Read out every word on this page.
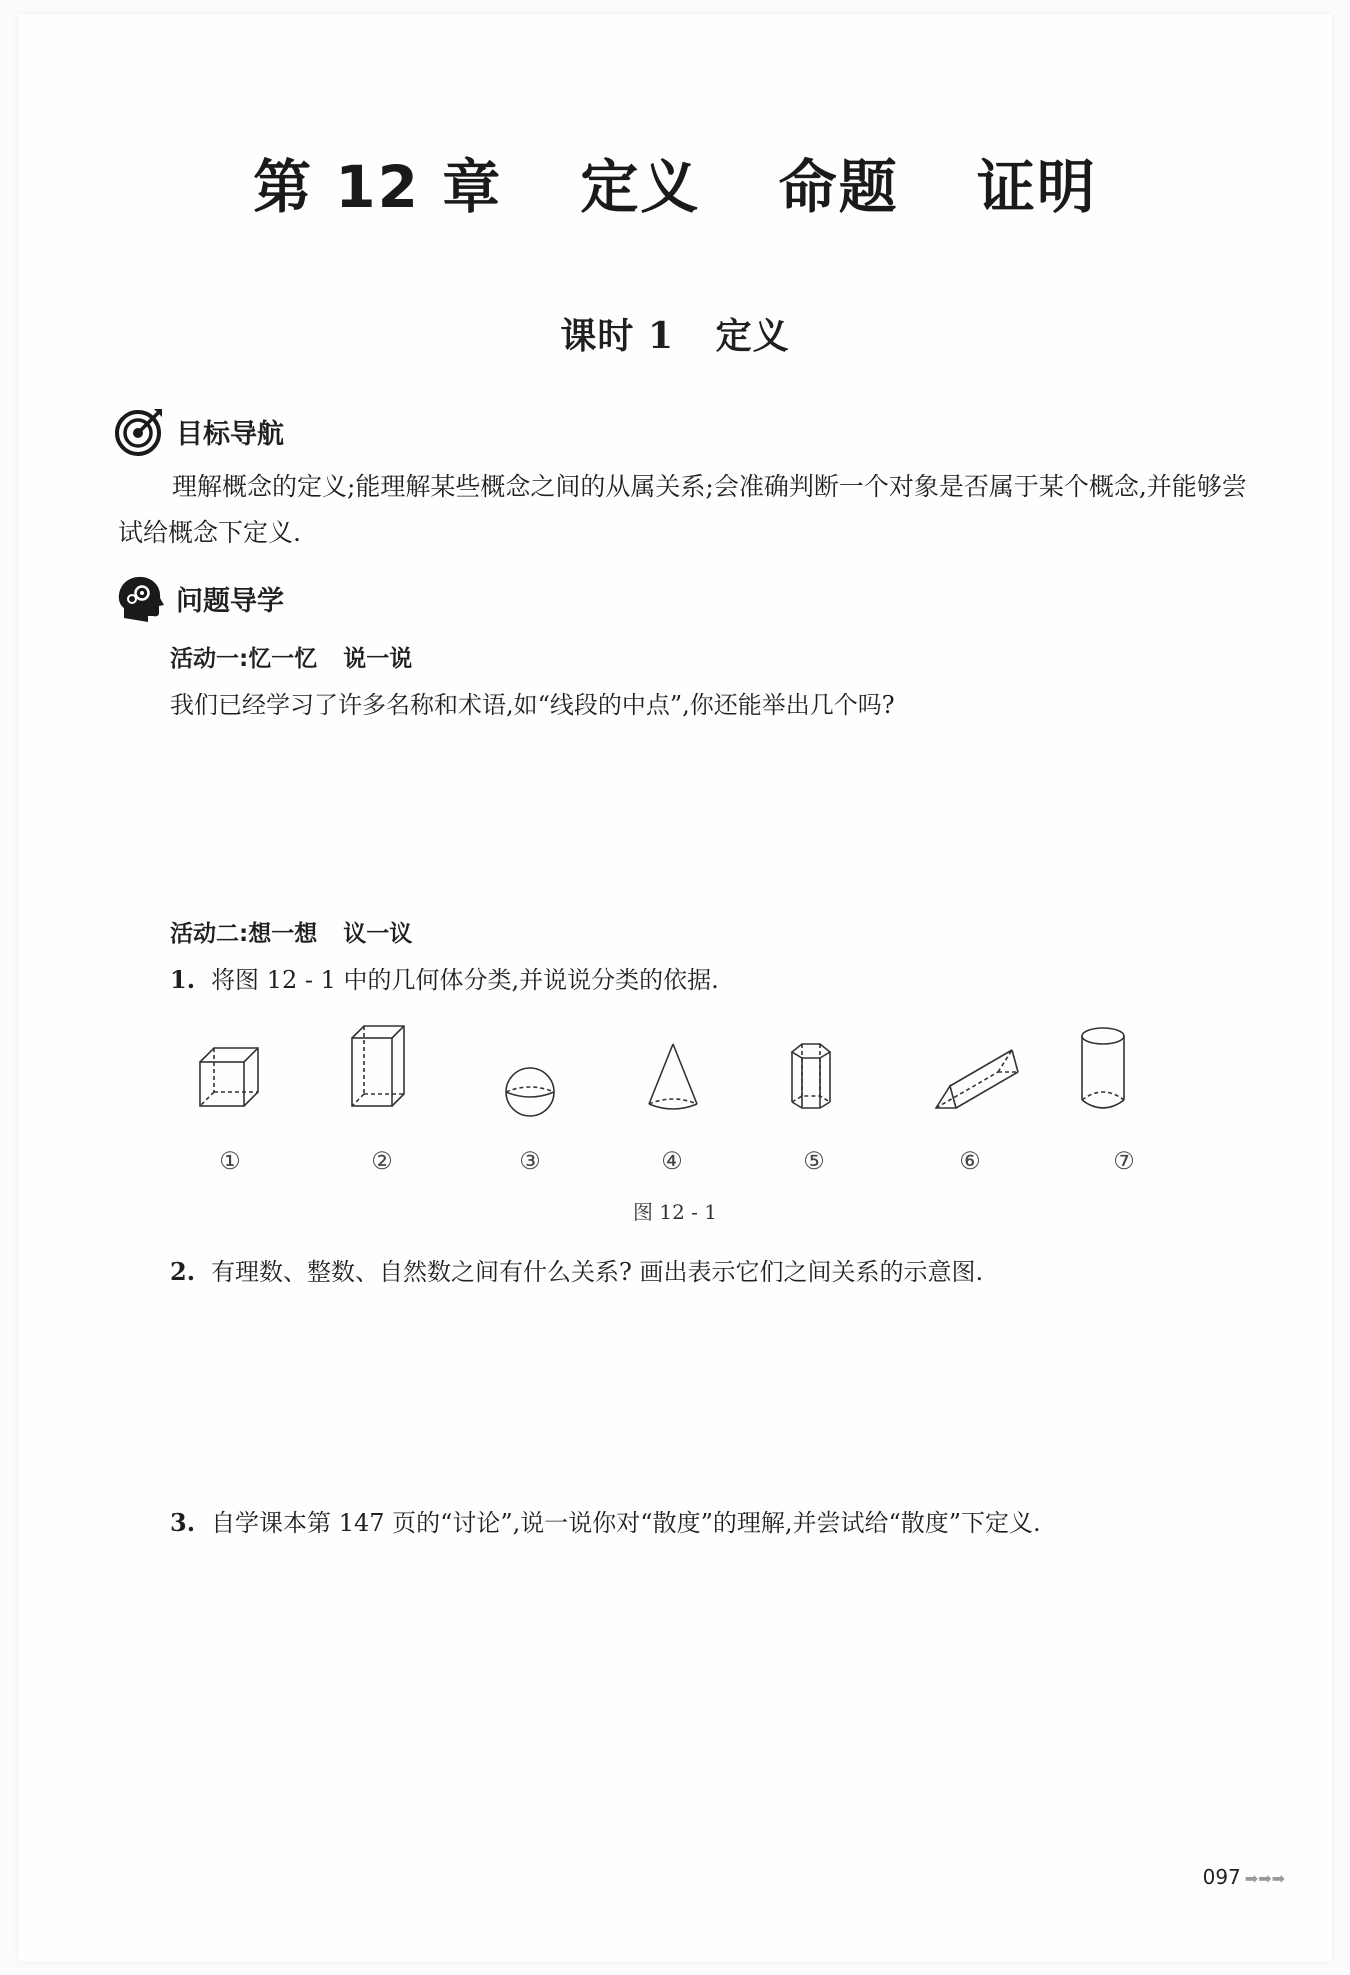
第 12 章 定义 命题 证明
课时 1 定义
目标导航
理解概念的定义;能理解某些概念之间的从属关系;会准确判断一个对象是否属于某个概念,并能够尝试给概念下定义.
问题导学
活动一:忆一忆 说一说
我们已经学习了许多名称和术语,如“线段的中点”,你还能举出几个吗?
活动二:想一想 议一议
1. 将图 12 - 1 中的几何体分类,并说说分类的依据.
①	②	③	④	⑤	⑥	⑦
图 12 - 1
2. 有理数、整数、自然数之间有什么关系? 画出表示它们之间关系的示意图.
3. 自学课本第 147 页的“讨论”,说一说你对“散度”的理解,并尝试给“散度”下定义.
097 ➡➡➡
